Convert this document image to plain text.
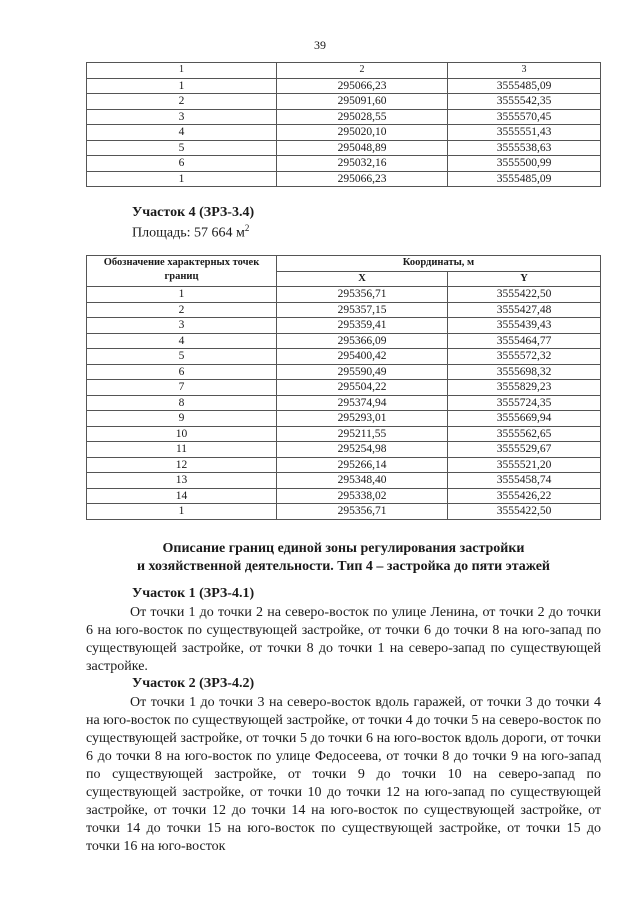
39
1	2	3
1	295066,23	3555485,09
2	295091,60	3555542,35
3	295028,55	3555570,45
4	295020,10	3555551,43
5	295048,89	3555538,63
6	295032,16	3555500,99
1	295066,23	3555485,09
Участок 4 (ЗРЗ-3.4)
Площадь: 57 664 $м^2$
Обозначение характерных точек границ	Координаты, м	
	X	Y
1	295356,71	3555422,50
2	295357,15	3555427,48
3	295359,41	3555439,43
4	295366,09	3555464,77
5	295400,42	3555572,32
6	295590,49	3555698,32
7	295504,22	3555829,23
8	295374,94	3555724,35
9	295293,01	3555669,94
10	295211,55	3555562,65
11	295254,98	3555529,67
12	295266,14	3555521,20
13	295348,40	3555458,74
14	295338,02	3555426,22
1	295356,71	3555422,50
Описание границ единой зоны регулирования застройки
и хозяйственной деятельности. Тип 4 – застройка до пяти этажей
Участок 1 (ЗРЗ-4.1)
От точки 1 до точки 2 на северо-восток по улице Ленина, от точки 2 до точки 6 на юго-восток по существующей застройке, от точки 6 до точки 8 на юго-запад по существующей застройке, от точки 8 до точки 1 на северо-запад по существующей застройке.
Участок 2 (ЗРЗ-4.2)
От точки 1 до точки 3 на северо-восток вдоль гаражей, от точки 3 до точки 4 на юго-восток по существующей застройке, от точки 4 до точки 5 на северо-восток по существующей застройке, от точки 5 до точки 6 на юго-восток вдоль дороги, от точки 6 до точки 8 на юго-восток по улице Федосеева, от точки 8 до точки 9 на юго-запад по существующей застройке, от точки 9 до точки 10 на северо-запад по существующей застройке, от точки 10 до точки 12 на юго-запад по существующей застройке, от точки 12 до точки 14 на юго-восток по существующей застройке, от точки 14 до точки 15 на юго-восток по существующей застройке, от точки 15 до точки 16 на юго-восток
